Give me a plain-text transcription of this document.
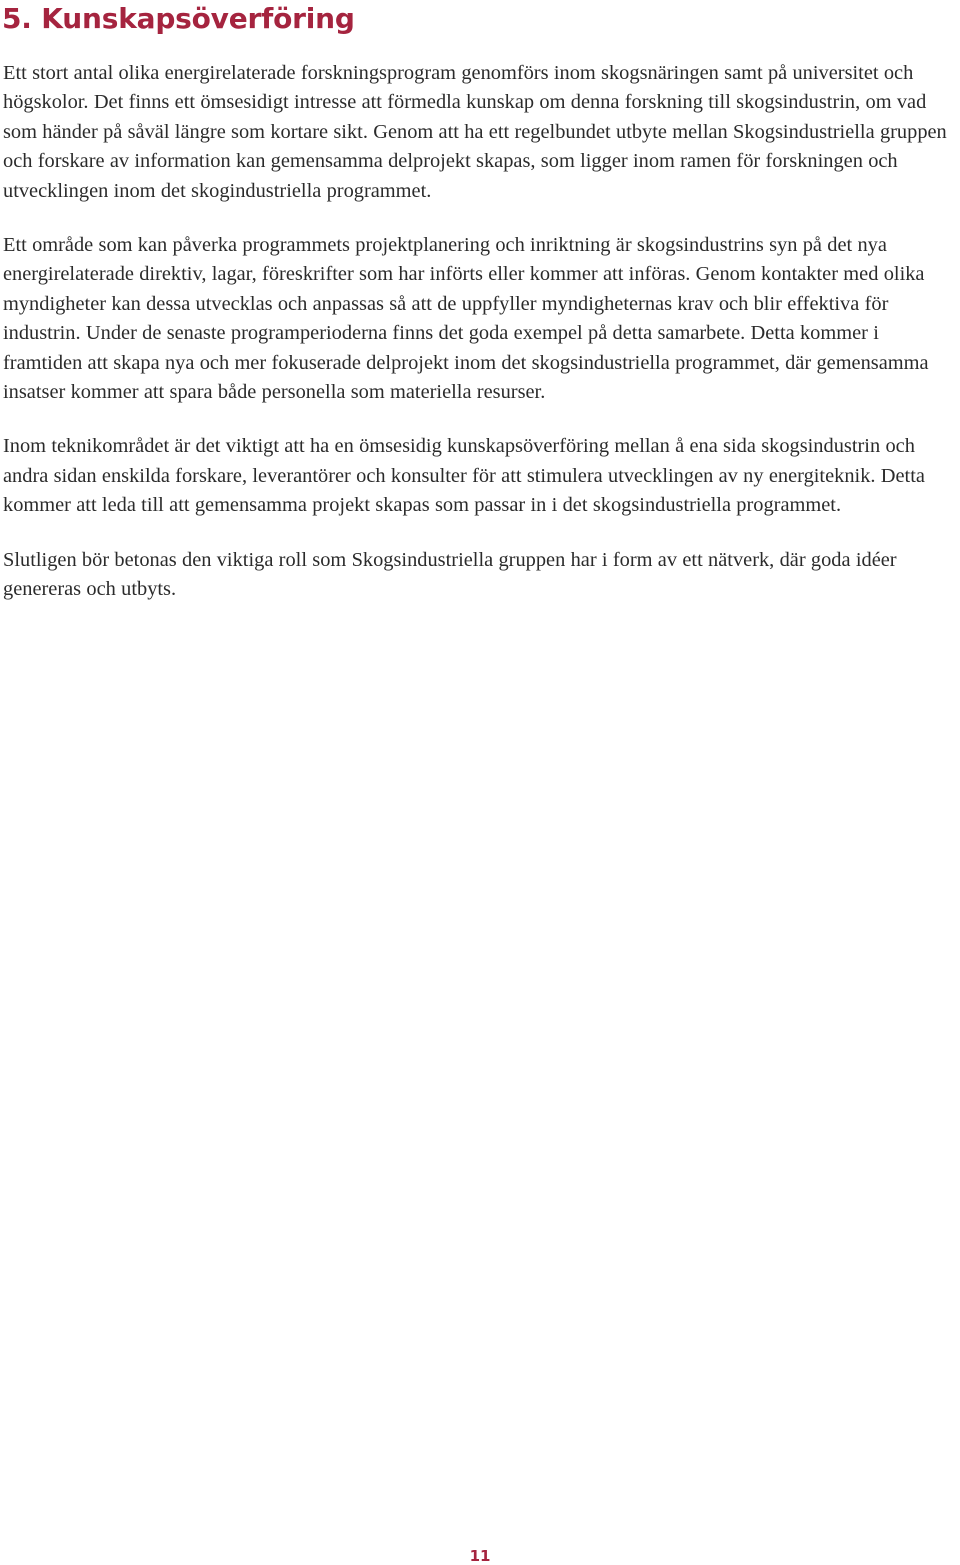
5. Kunskapsöverföring

Ett stort antal olika energirelaterade forskningsprogram genomförs inom skogsnäringen samt på universitet och högskolor. Det finns ett ömsesidigt intresse att förmedla kunskap om denna forskning till skogsindustrin, om vad som händer på såväl längre som kortare sikt. Genom att ha ett regelbundet utbyte mellan Skogsindustriella gruppen och forskare av information kan gemensamma delprojekt skapas, som ligger inom ramen för forskningen och utvecklingen inom det skogindustriella programmet.

Ett område som kan påverka programmets projektplanering och inriktning är skogsindustrins syn på det nya energirelaterade direktiv, lagar, föreskrifter som har införts eller kommer att införas. Genom kontakter med olika myndigheter kan dessa utvecklas och anpassas så att de uppfyller myndigheternas krav och blir effektiva för industrin. Under de senaste programperioderna finns det goda exempel på detta samarbete. Detta kommer i framtiden att skapa nya och mer fokuserade delprojekt inom det skogsindustriella programmet, där gemensamma insatser kommer att spara både personella som materiella resurser.

Inom teknikområdet är det viktigt att ha en ömsesidig kunskapsöverföring mellan å ena sida skogsindustrin och andra sidan enskilda forskare, leverantörer och konsulter för att stimulera utvecklingen av ny energiteknik. Detta kommer att leda till att gemensamma projekt skapas som passar in i det skogsindustriella programmet.

Slutligen bör betonas den viktiga roll som Skogsindustriella gruppen har i form av ett nätverk, där goda idéer genereras och utbyts.

11
